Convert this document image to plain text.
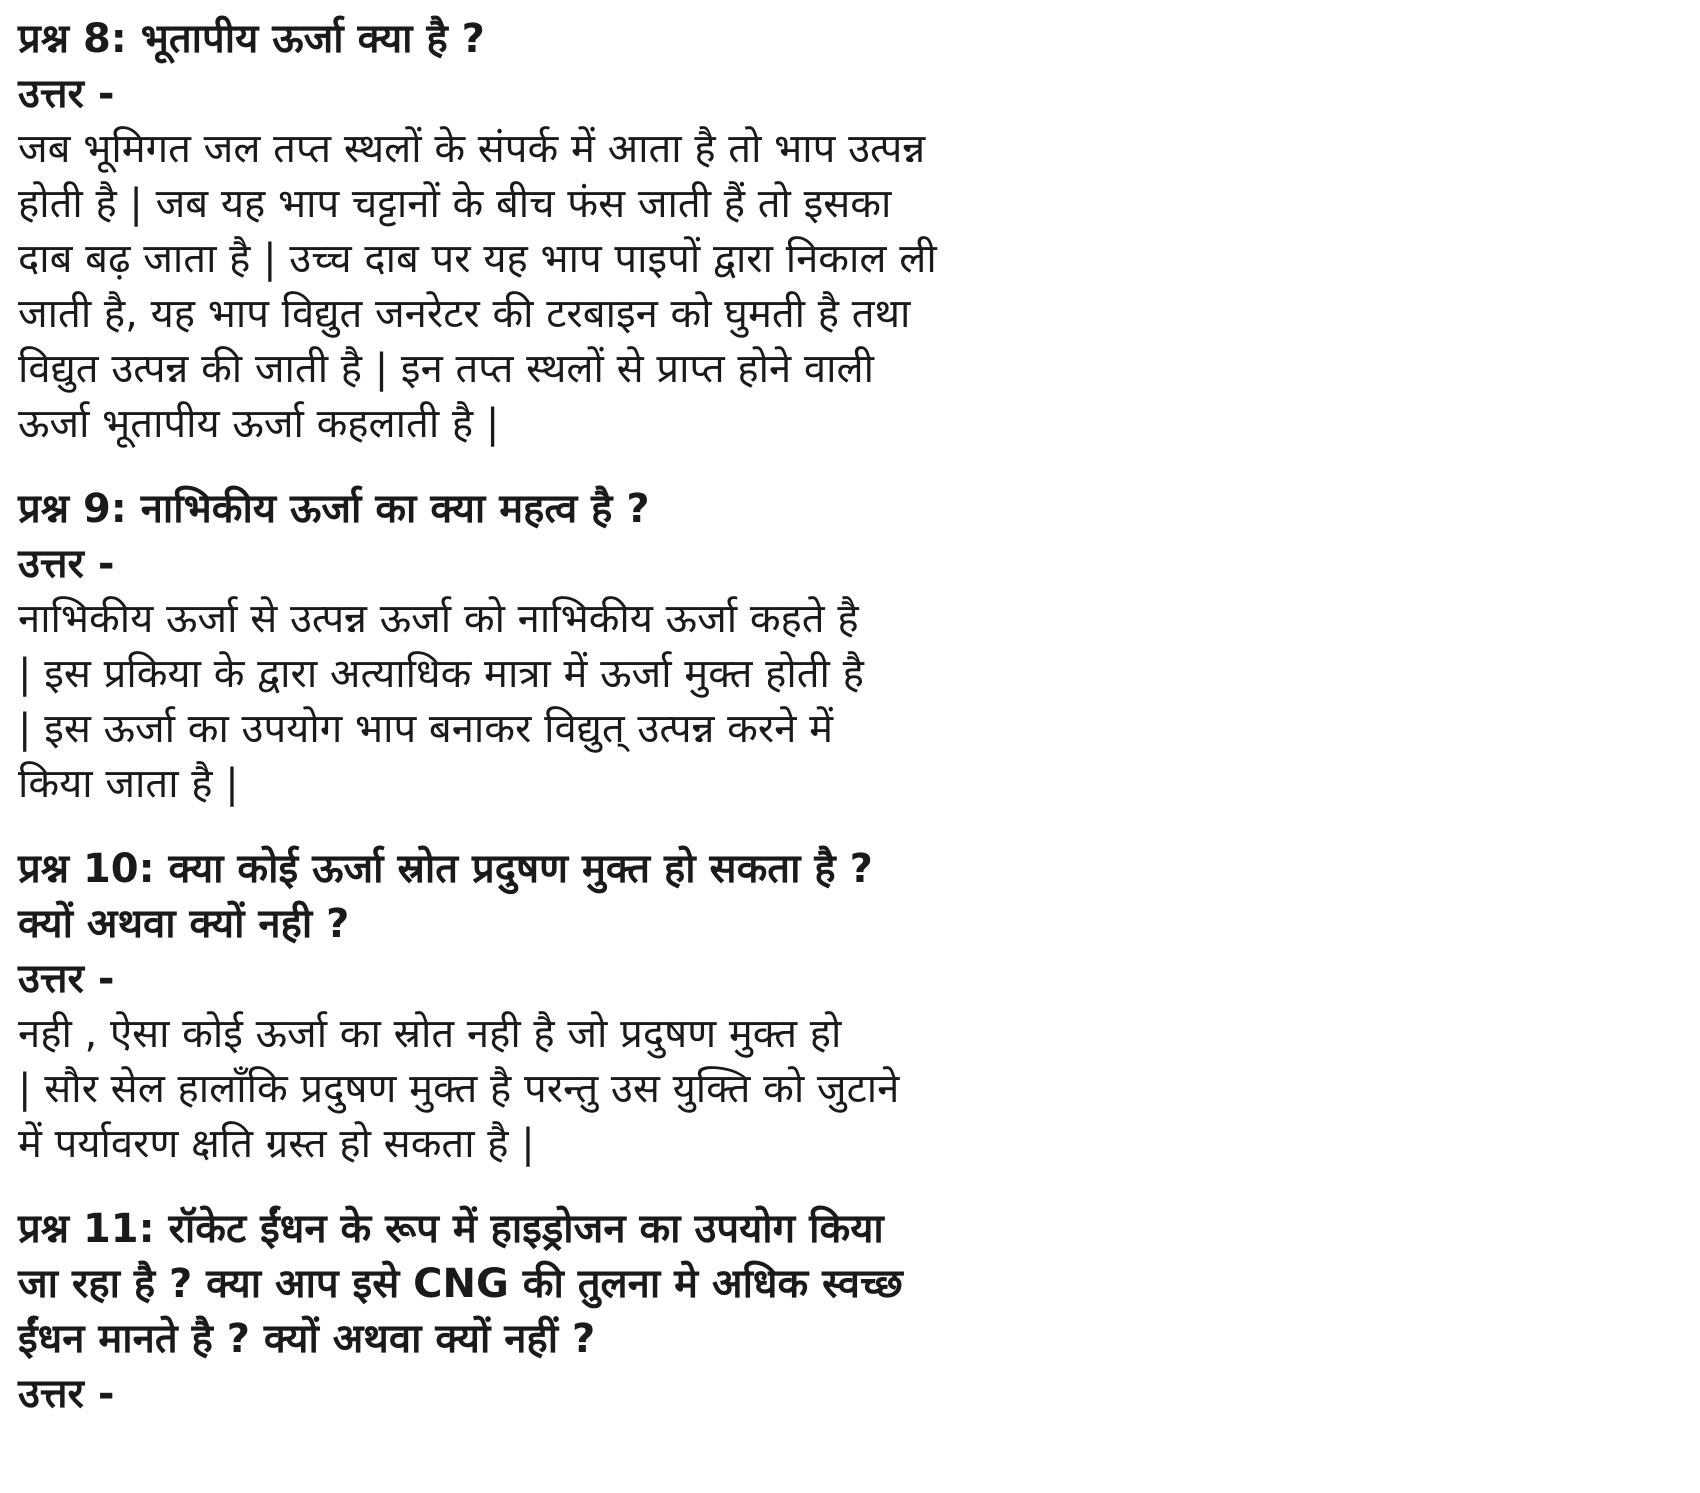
प्रश्न 8: भूतापीय ऊर्जा क्या है ?

उत्तर -

जब भूमिगत जल तप्त स्थलों के संपर्क में आता है तो भाप उत्पन्न

होती है | जब यह भाप चट्टानों के बीच फंस जाती हैं तो इसका

दाब बढ़ जाता है | उच्च दाब पर यह भाप पाइपों द्वारा निकाल ली

जाती है, यह भाप विद्युत जनरेटर की टरबाइन को घुमती है तथा

विद्युत उत्पन्न की जाती है | इन तप्त स्थलों से प्राप्त होने वाली

ऊर्जा भूतापीय ऊर्जा कहलाती है |

प्रश्न 9: नाभिकीय ऊर्जा का क्या महत्व है ?

उत्तर -

नाभिकीय ऊर्जा से उत्पन्न ऊर्जा को नाभिकीय ऊर्जा कहते है

| इस प्रकिया के द्वारा अत्याधिक मात्रा में ऊर्जा मुक्त होती है

| इस ऊर्जा का उपयोग भाप बनाकर विद्युत् उत्पन्न करने में

किया जाता है |

प्रश्न 10: क्या कोई ऊर्जा स्रोत प्रदुषण मुक्त हो सकता है ?

क्यों अथवा क्यों नही ?

उत्तर -

नही , ऐसा कोई ऊर्जा का स्रोत नही है जो प्रदुषण मुक्त हो

| सौर सेल हालाँकि प्रदुषण मुक्त है परन्तु उस युक्ति को जुटाने

में पर्यावरण क्षति ग्रस्त हो सकता है |

प्रश्न 11: रॉकेट ईंधन के रूप में हाइड्रोजन का उपयोग किया

जा रहा है ? क्या आप इसे CNG की तुलना मे अधिक स्वच्छ

ईंधन मानते है ? क्यों अथवा क्यों नहीं ?

उत्तर -
